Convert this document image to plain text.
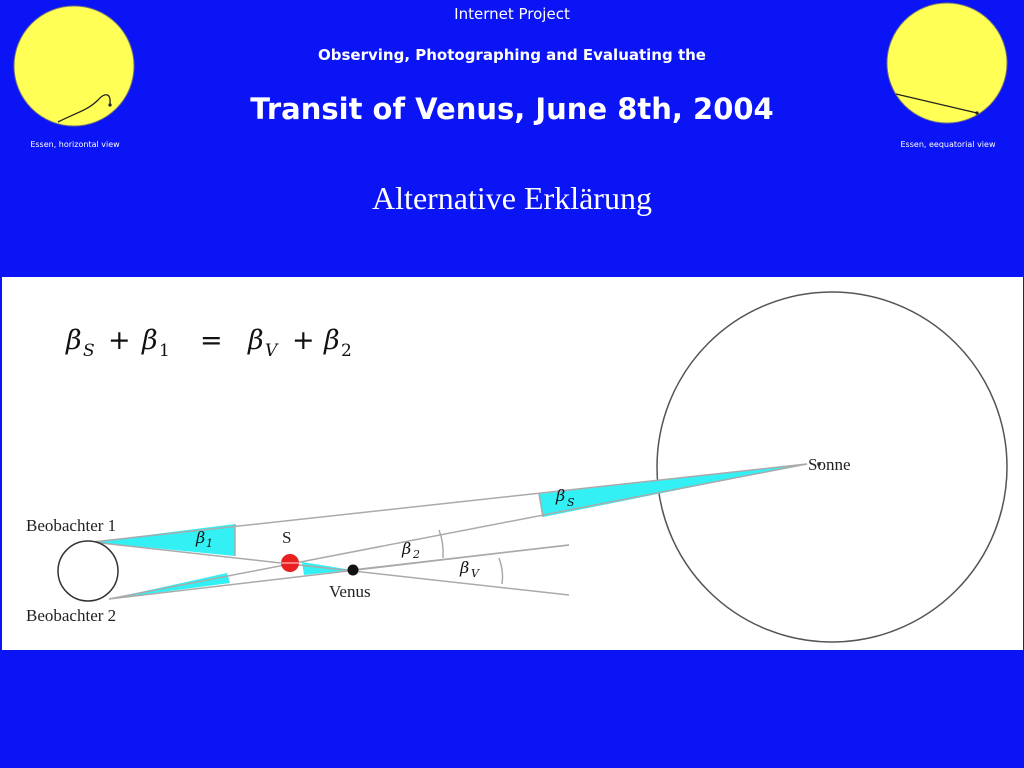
Essen, horizontal view	Essen, eequatorial view
Internet Project
Observing, Photographing and Evaluating the
Transit of Venus, June 8th, 2004
Alternative Erklärung
β S + β 1 = β V + β 2
Beobachter 1
Beobachter 2
Sonne
Venus
S
β 1
β S
β 2
β V
